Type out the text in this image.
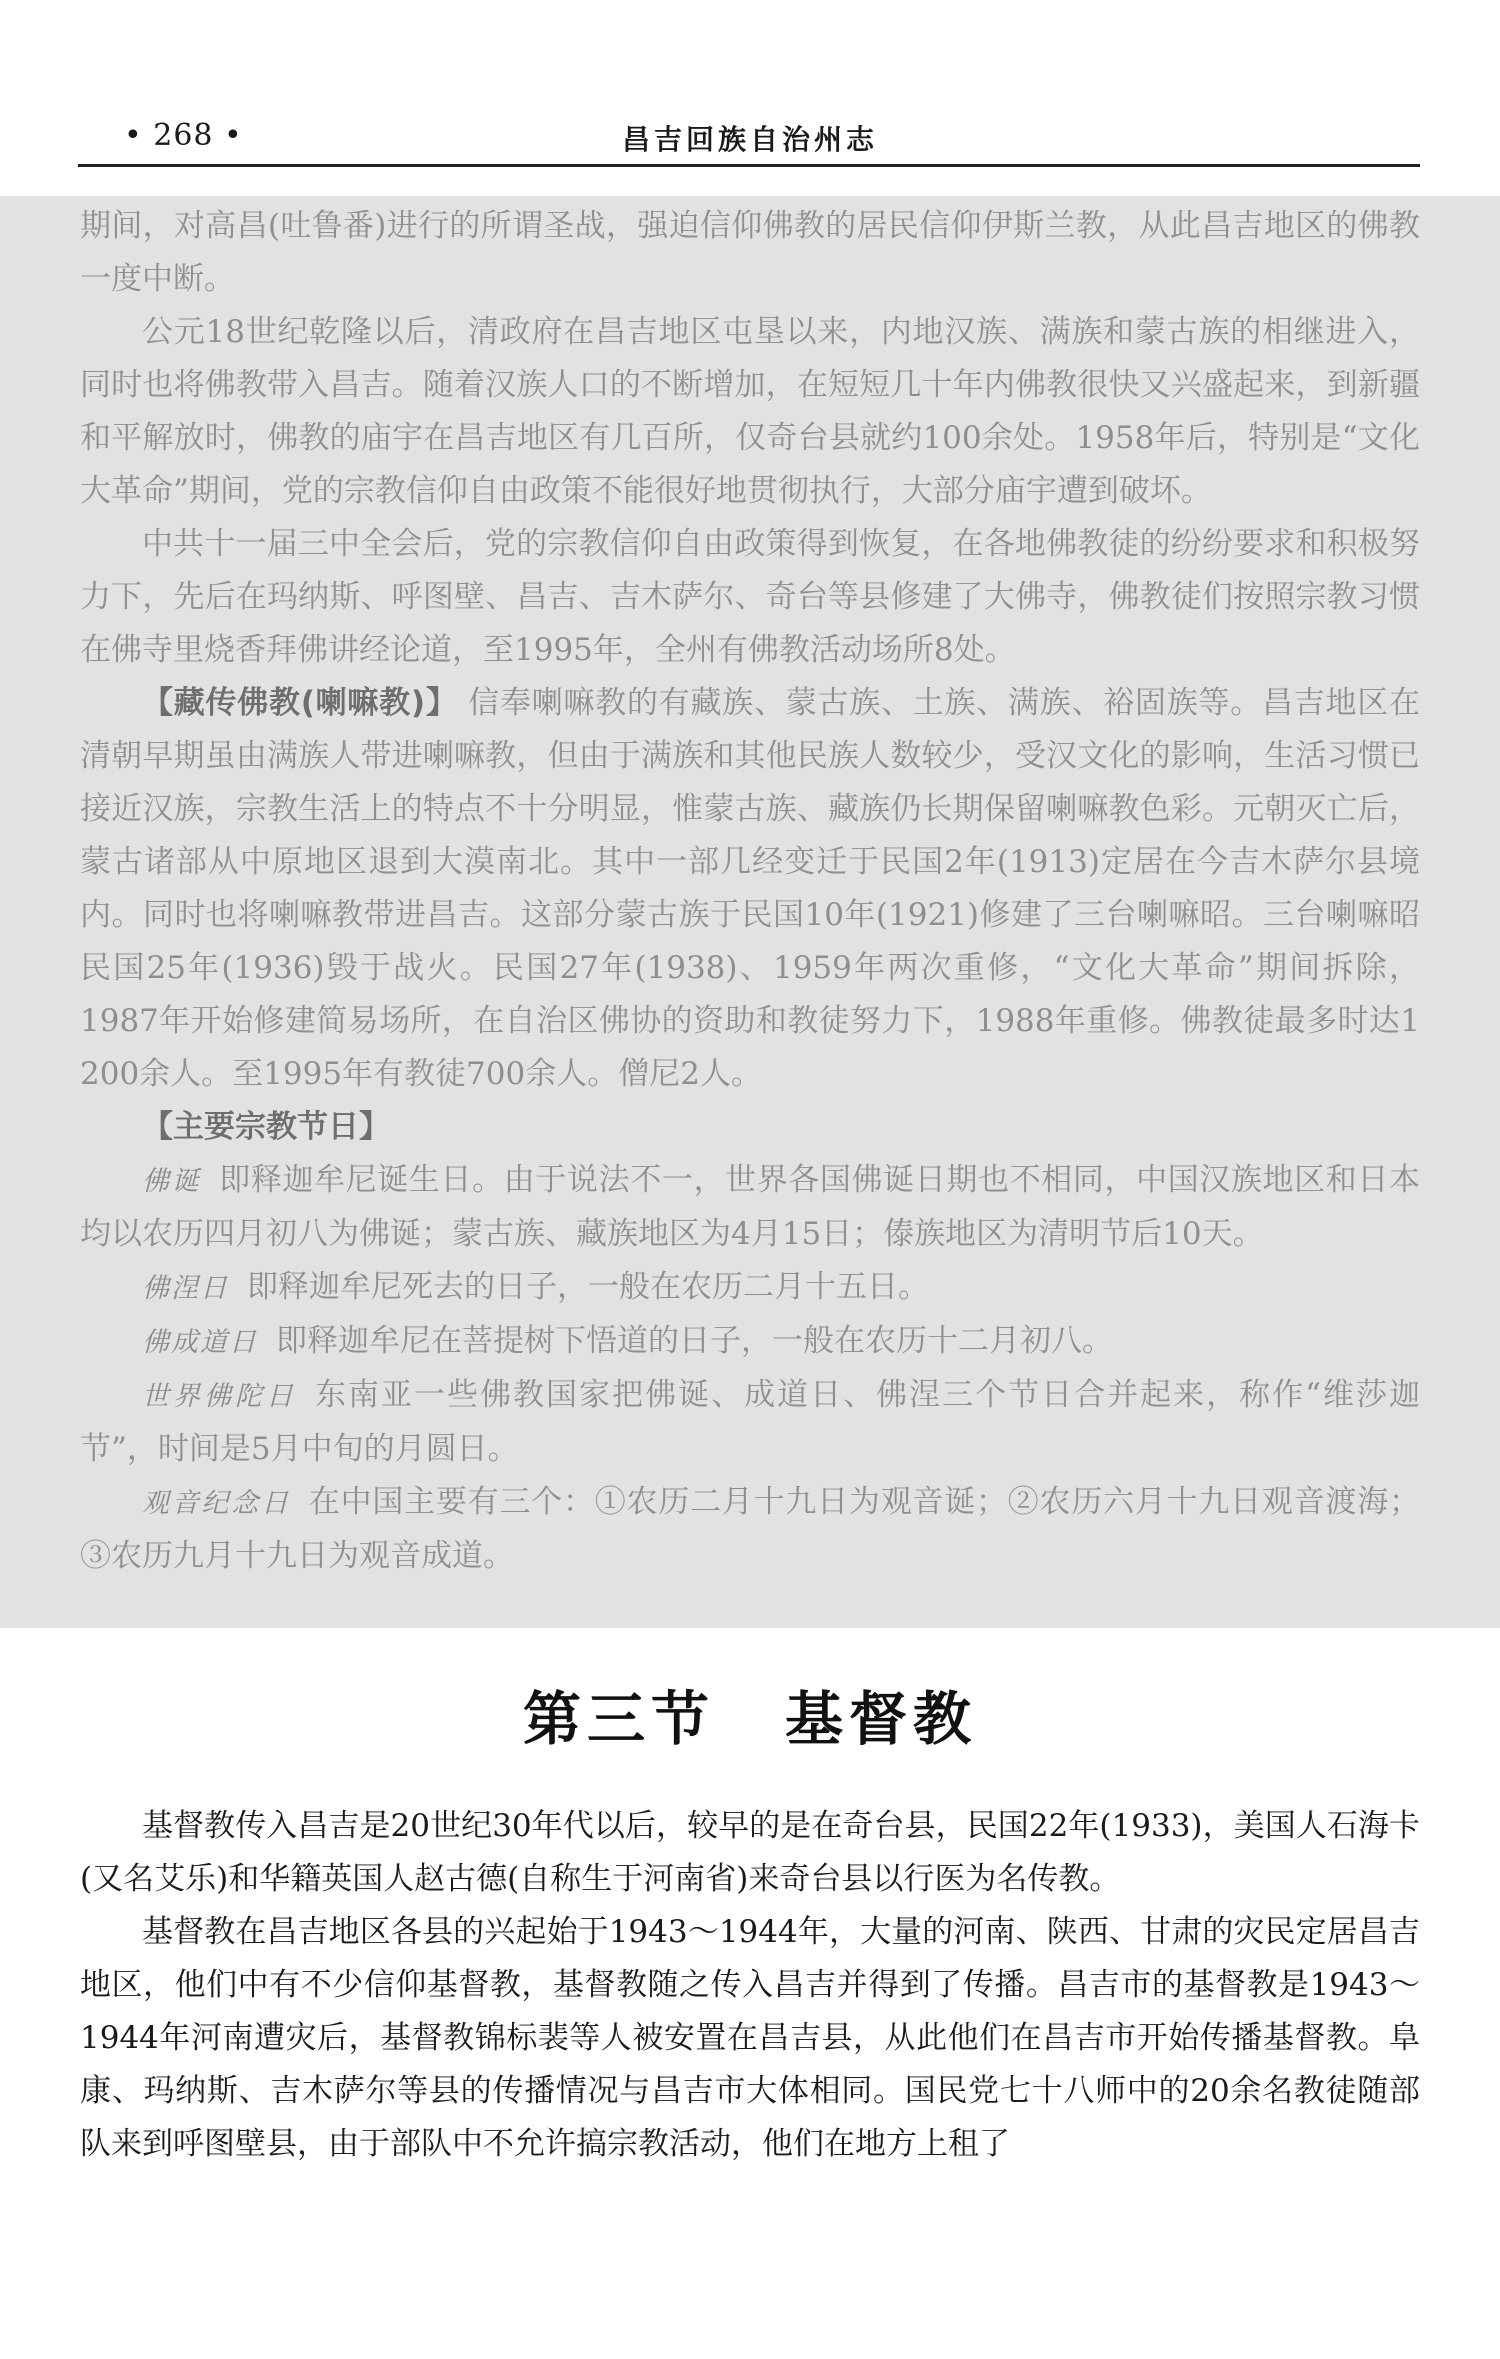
• 268 •	昌吉回族自治州志

期间，对高昌(吐鲁番)进行的所谓圣战，强迫信仰佛教的居民信仰伊斯兰教，从此昌吉地区的佛教一度中断。

公元18世纪乾隆以后，清政府在昌吉地区屯垦以来，内地汉族、满族和蒙古族的相继进入，同时也将佛教带入昌吉。随着汉族人口的不断增加，在短短几十年内佛教很快又兴盛起来，到新疆和平解放时，佛教的庙宇在昌吉地区有几百所，仅奇台县就约100余处。1958年后，特别是“文化大革命”期间，党的宗教信仰自由政策不能很好地贯彻执行，大部分庙宇遭到破坏。

中共十一届三中全会后，党的宗教信仰自由政策得到恢复，在各地佛教徒的纷纷要求和积极努力下，先后在玛纳斯、呼图壁、昌吉、吉木萨尔、奇台等县修建了大佛寺，佛教徒们按照宗教习惯在佛寺里烧香拜佛讲经论道，至1995年，全州有佛教活动场所8处。

【藏传佛教(喇嘛教)】 信奉喇嘛教的有藏族、蒙古族、土族、满族、裕固族等。昌吉地区在清朝早期虽由满族人带进喇嘛教，但由于满族和其他民族人数较少，受汉文化的影响，生活习惯已接近汉族，宗教生活上的特点不十分明显，惟蒙古族、藏族仍长期保留喇嘛教色彩。元朝灭亡后，蒙古诸部从中原地区退到大漠南北。其中一部几经变迁于民国2年(1913)定居在今吉木萨尔县境内。同时也将喇嘛教带进昌吉。这部分蒙古族于民国10年(1921)修建了三台喇嘛昭。三台喇嘛昭民国25年(1936)毁于战火。民国27年(1938)、1959年两次重修，“文化大革命”期间拆除，1987年开始修建简易场所，在自治区佛协的资助和教徒努力下，1988年重修。佛教徒最多时达1 200余人。至1995年有教徒700余人。僧尼2人。

【主要宗教节日】

佛诞 即释迦牟尼诞生日。由于说法不一，世界各国佛诞日期也不相同，中国汉族地区和日本均以农历四月初八为佛诞；蒙古族、藏族地区为4月15日；傣族地区为清明节后10天。

佛涅日 即释迦牟尼死去的日子，一般在农历二月十五日。

佛成道日 即释迦牟尼在菩提树下悟道的日子，一般在农历十二月初八。

世界佛陀日 东南亚一些佛教国家把佛诞、成道日、佛涅三个节日合并起来，称作“维莎迦节”，时间是5月中旬的月圆日。

观音纪念日 在中国主要有三个：①农历二月十九日为观音诞；②农历六月十九日观音渡海；③农历九月十九日为观音成道。

第三节 基督教

基督教传入昌吉是20世纪30年代以后，较早的是在奇台县，民国22年(1933)，美国人石海卡(又名艾乐)和华籍英国人赵古德(自称生于河南省)来奇台县以行医为名传教。

基督教在昌吉地区各县的兴起始于1943～1944年，大量的河南、陕西、甘肃的灾民定居昌吉地区，他们中有不少信仰基督教，基督教随之传入昌吉并得到了传播。昌吉市的基督教是1943～1944年河南遭灾后，基督教锦标裴等人被安置在昌吉县，从此他们在昌吉市开始传播基督教。阜康、玛纳斯、吉木萨尔等县的传播情况与昌吉市大体相同。国民党七十八师中的20余名教徒随部队来到呼图壁县，由于部队中不允许搞宗教活动，他们在地方上租了
